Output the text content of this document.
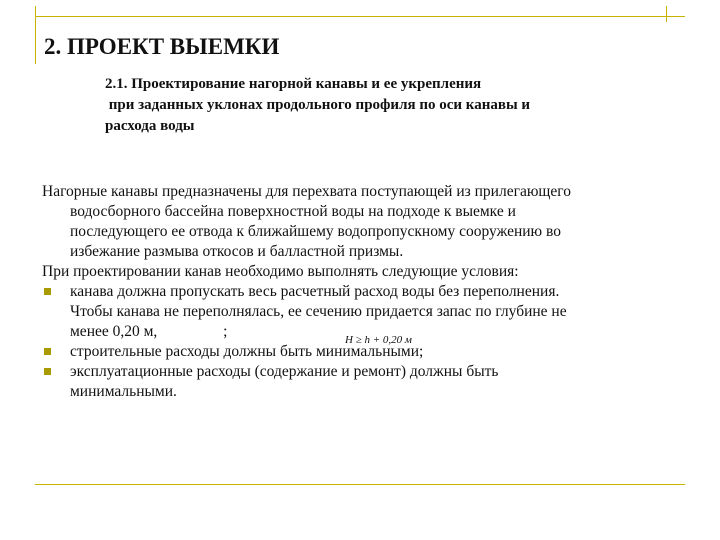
2. ПРОЕКТ ВЫЕМКИ
2.1. Проектирование нагорной канавы и ее укрепления
при заданных уклонах продольного профиля по оси канавы и
расхода воды
Нагорные канавы предназначены для перехвата поступающей из прилегающего
водосборного бассейна поверхностной воды на подходе к выемке и
последующего ее отвода к ближайшему водопропускному сооружению во
избежание размыва откосов и балластной призмы.
При проектировании канав необходимо выполнять следующие условия:
канава должна пропускать весь расчетный расход воды без переполнения.
Чтобы канава не переполнялась, ее сечению придается запас по глубине не
менее 0,20 м,                 ;
строительные расходы должны быть минимальными;
эксплуатационные расходы (содержание и ремонт) должны быть
минимальными.
H ≥ h + 0,20 м
